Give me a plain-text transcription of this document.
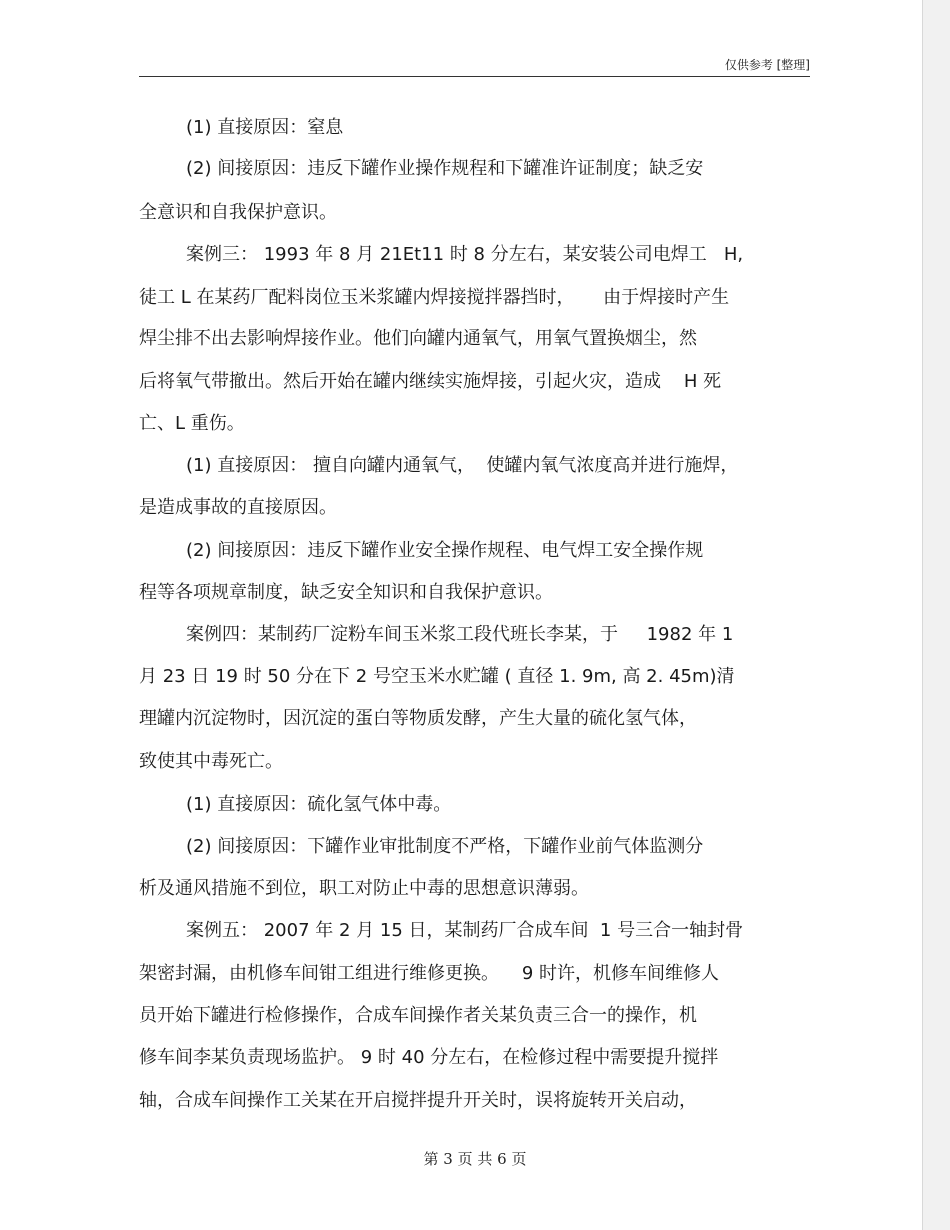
仅供参考 [整理]
(1) 直接原因：窒息
(2) 间接原因：违反下罐作业操作规程和下罐准许证制度；缺乏安
全意识和自我保护意识。
案例三： 1993 年 8 月 21Et11 时 8 分左右，某安装公司电焊工   H,
徒工 L 在某药厂配料岗位玉米浆罐内焊接搅拌器挡时，     由于焊接时产生
焊尘排不出去影响焊接作业。他们向罐内通氧气，用氧气置换烟尘，然
后将氧气带撤出。然后开始在罐内继续实施焊接，引起火灾，造成    H 死
亡、L 重伤。
(1) 直接原因： 擅自向罐内通氧气，  使罐内氧气浓度高并进行施焊，
是造成事故的直接原因。
(2) 间接原因：违反下罐作业安全操作规程、电气焊工安全操作规
程等各项规章制度，缺乏安全知识和自我保护意识。
案例四：某制药厂淀粉车间玉米浆工段代班长李某，于     1982 年 1
月 23 日 19 时 50 分在下 2 号空玉米水贮罐 ( 直径 1. 9m, 高 2. 45m)清
理罐内沉淀物时，因沉淀的蛋白等物质发酵，产生大量的硫化氢气体，
致使其中毒死亡。
(1) 直接原因：硫化氢气体中毒。
(2) 间接原因：下罐作业审批制度不严格，下罐作业前气体监测分
析及通风措施不到位，职工对防止中毒的思想意识薄弱。
案例五： 2007 年 2 月 15 日，某制药厂合成车间  1 号三合一轴封骨
架密封漏，由机修车间钳工组进行维修更换。    9 时许，机修车间维修人
员开始下罐进行检修操作，合成车间操作者关某负责三合一的操作，机
修车间李某负责现场监护。 9 时 40 分左右，在检修过程中需要提升搅拌
轴，合成车间操作工关某在开启搅拌提升开关时，误将旋转开关启动，
第 3 页 共 6 页
